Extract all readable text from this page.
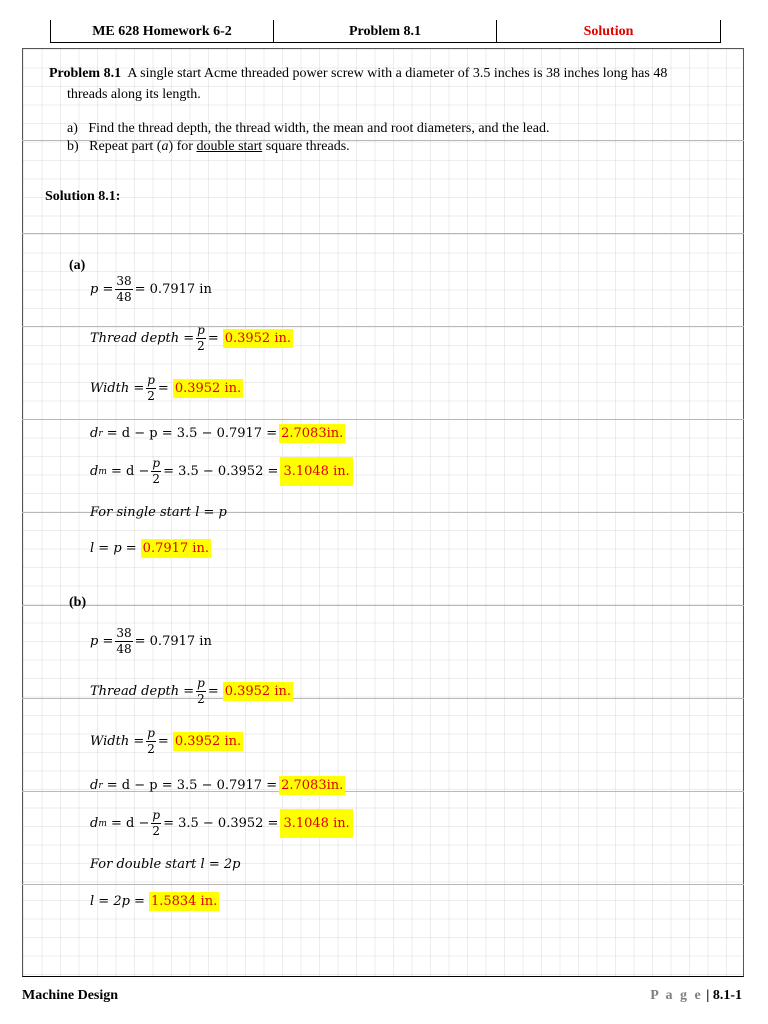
ME 628 Homework 6-2	Problem 8.1	Solution
Problem 8.1 A single start Acme threaded power screw with a diameter of 3.5 inches is 38 inches long has 48
threads along its length.
a) Find the thread depth, the thread width, the mean and root diameters, and the lead.
b) Repeat part (a) for double start square threads.
Solution 8.1:
(a)
$p = \frac{38}{48} = 0.7917$ in
Thread depth = $\frac{p}{2} = 0.3952$ in.
Width = $\frac{p}{2} = 0.3952$ in.
d r
= d − p = 3.5 − 0.7917 = 2.7083in.
d m
= $d - \frac{p}{2} = 3.5 - 0.3952 = 3.1048$ in.
For single start l = p
l = p = 0.7917 in.
(b)
$p = \frac{38}{48} = 0.7917$ in
Thread depth = $\frac{p}{2} = 0.3952$ in.
Width = $\frac{p}{2} = 0.3952$ in.
d r
= d − p = 3.5 − 0.7917 = 2.7083in.
d m
= $d - \frac{p}{2} = 3.5 - 0.3952 = 3.1048$ in.
For double start l = 2p
l = 2p = 1.5834 in.
Machine Design	P a g e | 8.1-1
